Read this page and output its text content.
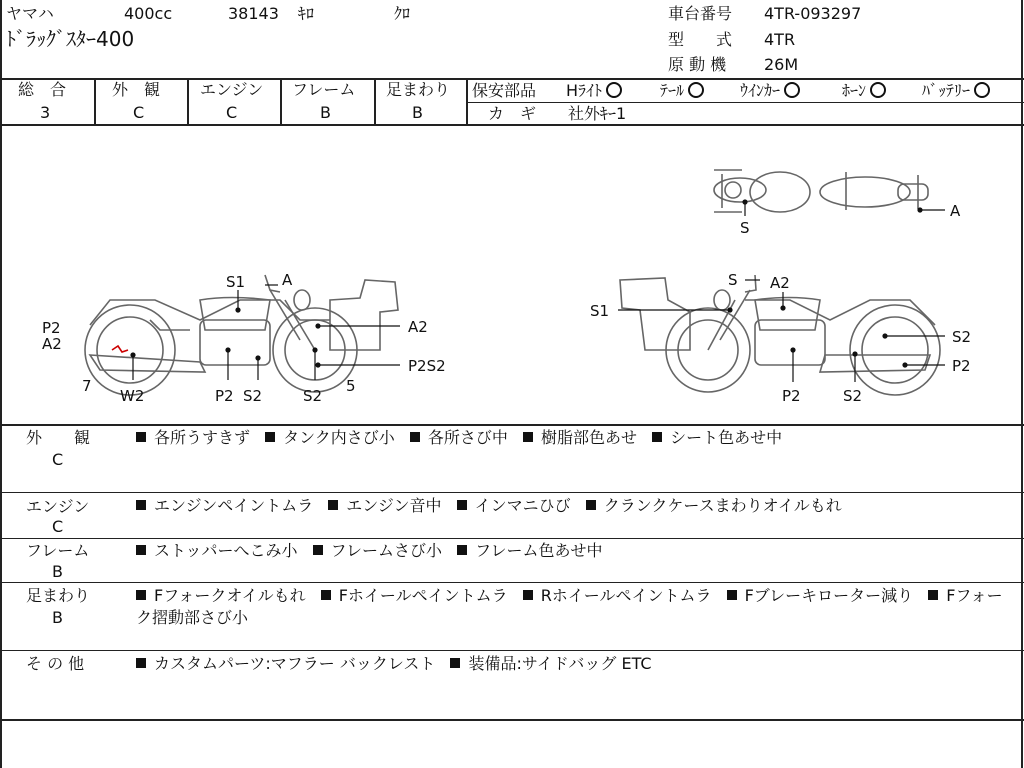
ヤマハ	400cc	38143 ｷﾛ	ｸﾛ
ﾄﾞﾗｯｸﾞｽﾀｰ400
車台番号 4TR-093297
型　　式 4TR
原 動 機 26M
総　合
3
外　観
C
エンジン
C
フレーム
B
足まわり
B
保安部品 Hﾗｲﾄ	ﾃｰﾙ	ｳｲﾝｶｰ	ﾎｰﾝ	ﾊﾞｯﾃﾘｰ
カ　ギ 社外ｷｰ1
S
A
S1 A
P2
A2
A2
7
W2	P2 S2	S2
5
P2S2
S A2
S1
S2
P2
P2	S2
外　　観
C
各所うすきず タンク内さび小 各所さび中 樹脂部色あせ シート色あせ中
エンジン
C
エンジンペイントムラ エンジン音中 インマニひび クランクケースまわりオイルもれ
フレーム
B
ストッパーへこみ小 フレームさび小 フレーム色あせ中
足まわり
B
Fフォークオイルもれ Fホイールペイントムラ Rホイールペイントムラ Fブレーキローター減り Fフォーク摺動部さび小
そ の 他	カスタムパーツ:マフラー バックレスト 装備品:サイドバッグ ETC
